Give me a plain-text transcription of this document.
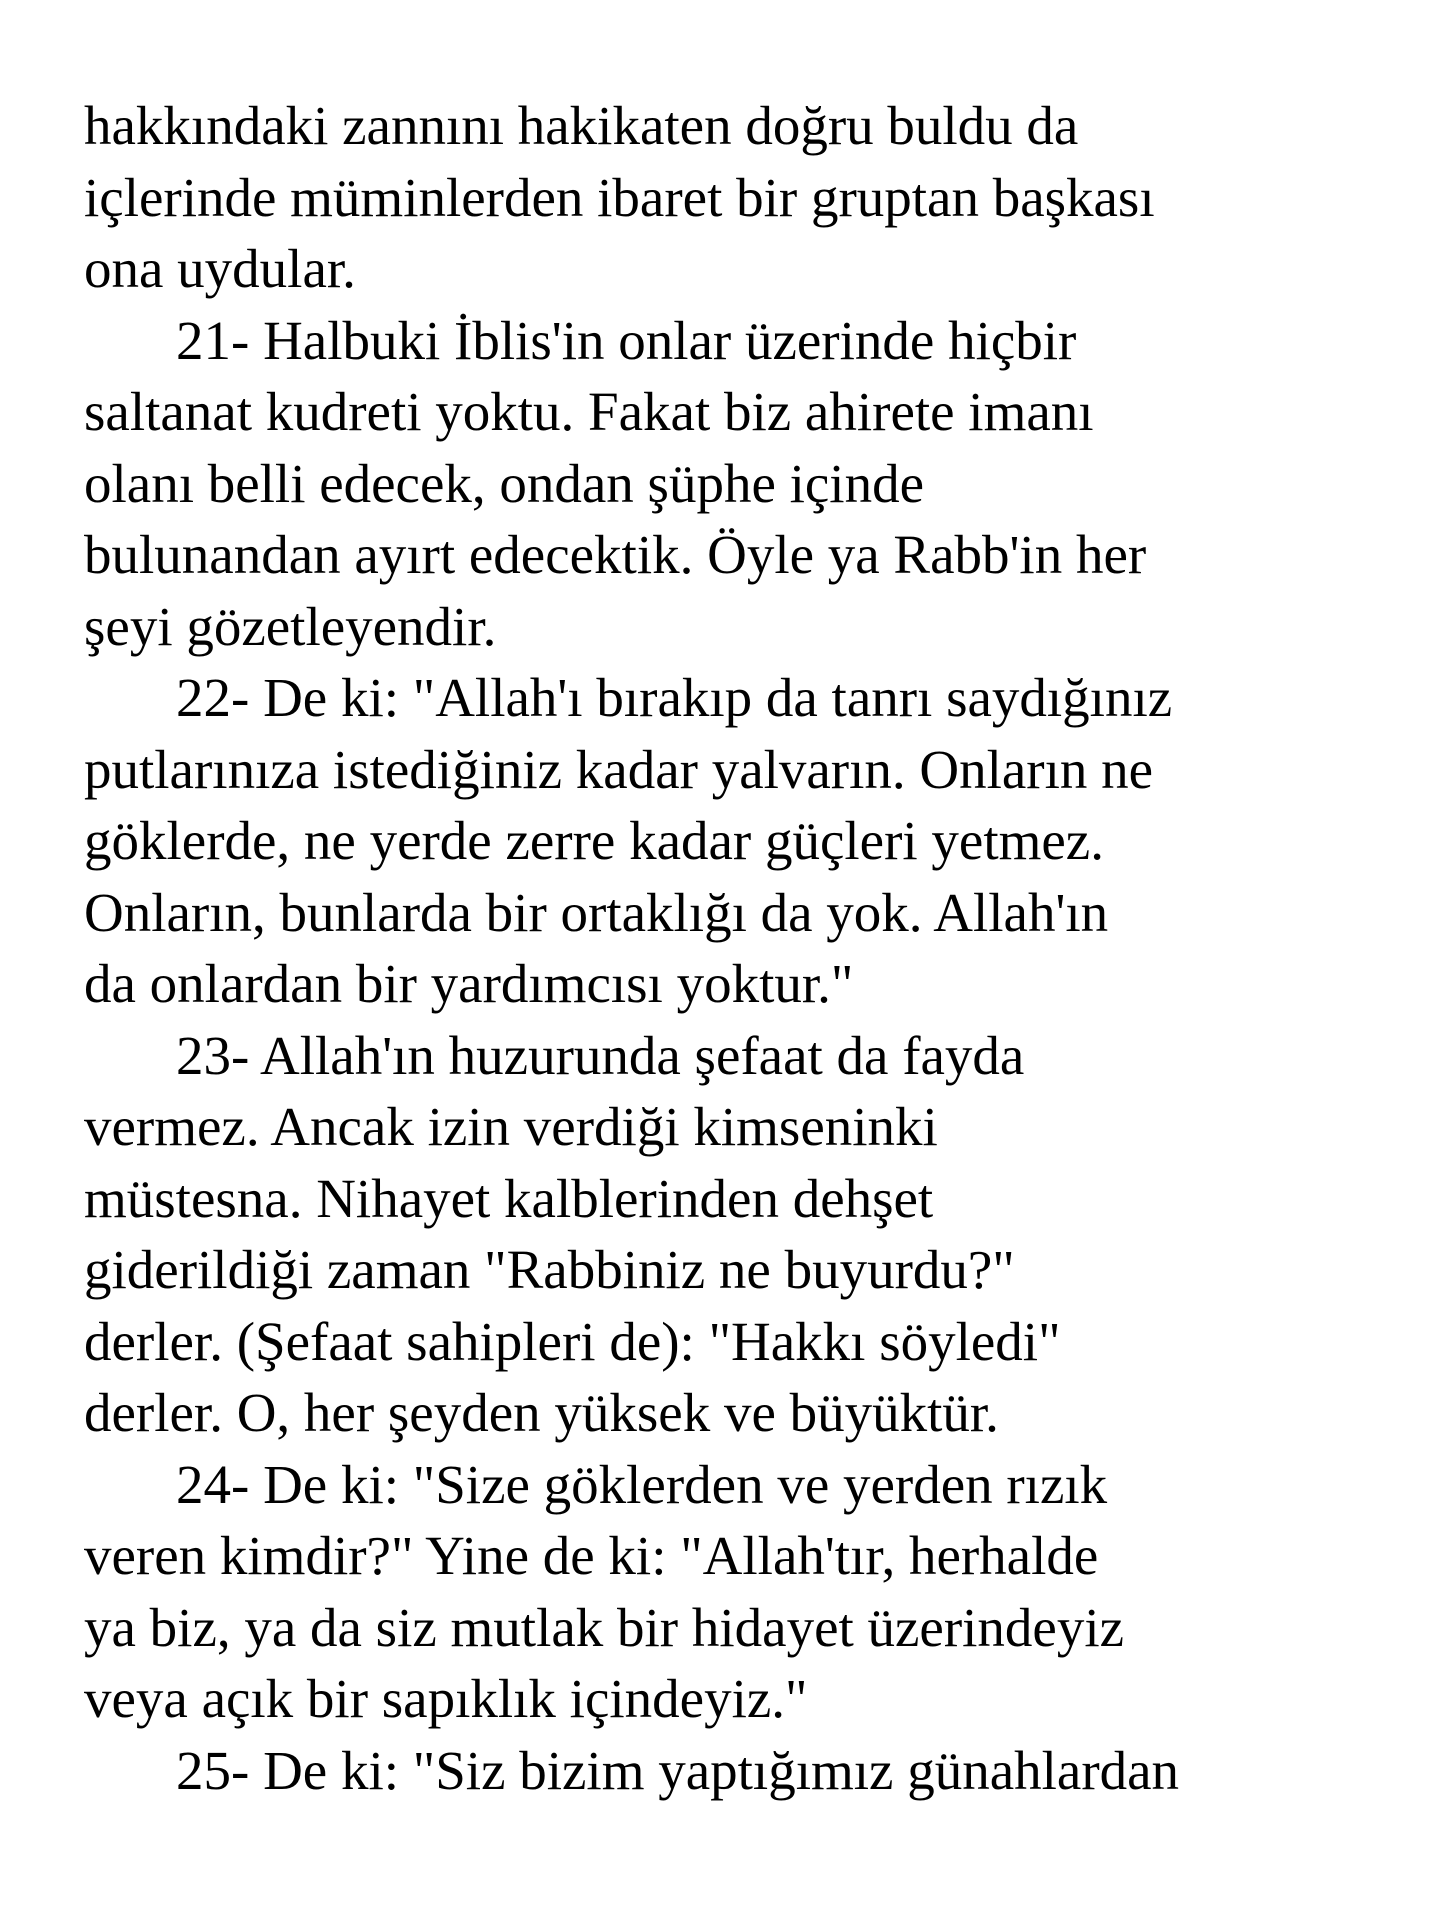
hakkındaki zannını hakikaten doğru buldu da
içlerinde müminlerden ibaret bir gruptan başkası
ona uydular.
21- Halbuki İblis'in onlar üzerinde hiçbir
saltanat kudreti yoktu. Fakat biz ahirete imanı
olanı belli edecek, ondan şüphe içinde
bulunandan ayırt edecektik. Öyle ya Rabb'in her
şeyi gözetleyendir.
22- De ki: "Allah'ı bırakıp da tanrı saydığınız
putlarınıza istediğiniz kadar yalvarın. Onların ne
göklerde, ne yerde zerre kadar güçleri yetmez.
Onların, bunlarda bir ortaklığı da yok. Allah'ın
da onlardan bir yardımcısı yoktur."
23- Allah'ın huzurunda şefaat da fayda
vermez. Ancak izin verdiği kimseninki
müstesna. Nihayet kalblerinden dehşet
giderildiği zaman "Rabbiniz ne buyurdu?"
derler. (Şefaat sahipleri de): "Hakkı söyledi"
derler. O, her şeyden yüksek ve büyüktür.
24- De ki: "Size göklerden ve yerden rızık
veren kimdir?" Yine de ki: "Allah'tır, herhalde
ya biz, ya da siz mutlak bir hidayet üzerindeyiz
veya açık bir sapıklık içindeyiz."
25- De ki: "Siz bizim yaptığımız günahlardan
